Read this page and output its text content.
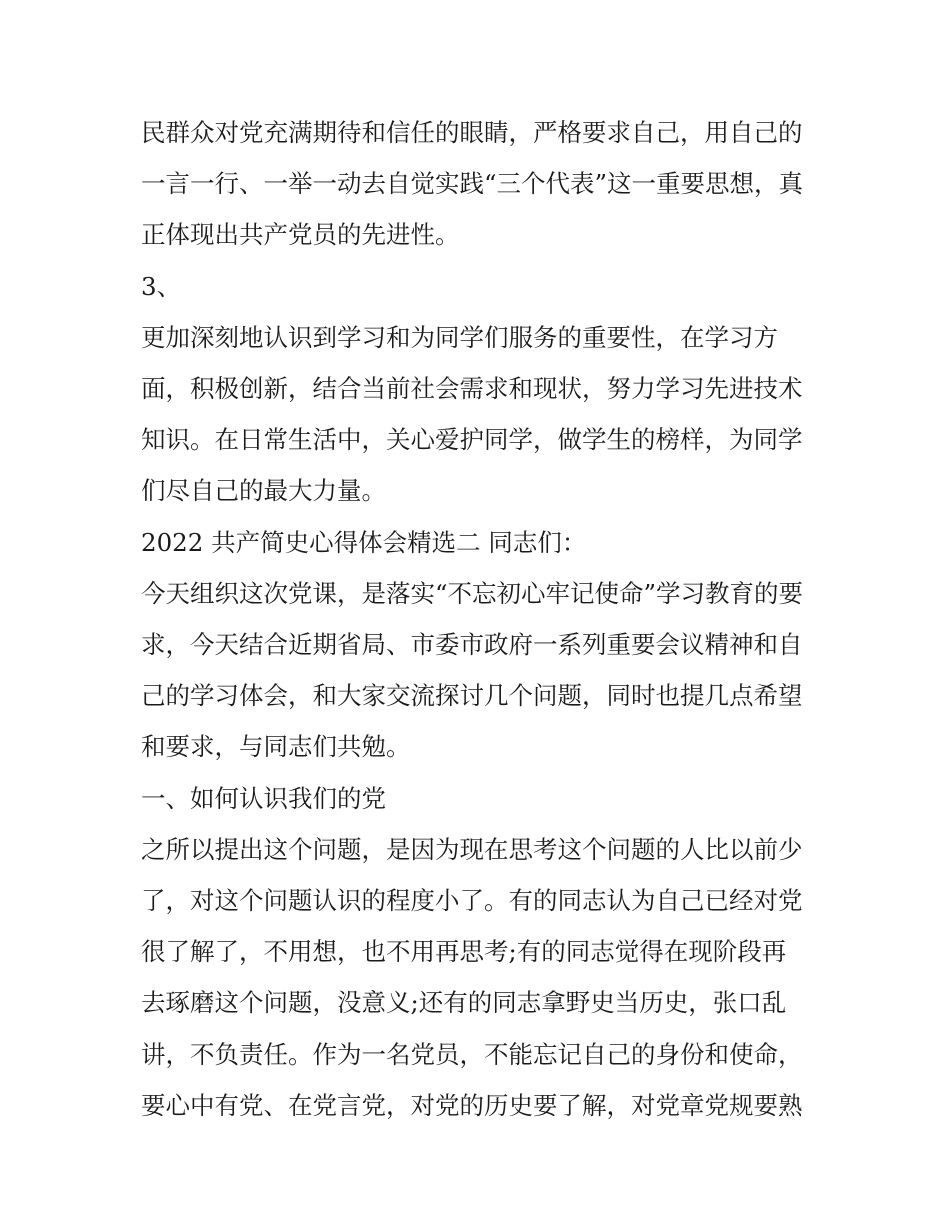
民群众对党充满期待和信任的眼睛，严格要求自己，用自己的

一言一行、一举一动去自觉实践“三个代表”这一重要思想，真

正体现出共产党员的先进性。

3、

更加深刻地认识到学习和为同学们服务的重要性，在学习方

面，积极创新，结合当前社会需求和现状，努力学习先进技术

知识。在日常生活中，关心爱护同学，做学生的榜样，为同学

们尽自己的最大力量。

2022 共产简史心得体会精选二 同志们：

今天组织这次党课，是落实“不忘初心牢记使命”学习教育的要

求，今天结合近期省局、市委市政府一系列重要会议精神和自

己的学习体会，和大家交流探讨几个问题，同时也提几点希望

和要求，与同志们共勉。

一、如何认识我们的党

之所以提出这个问题，是因为现在思考这个问题的人比以前少

了，对这个问题认识的程度小了。有的同志认为自己已经对党

很了解了，不用想，也不用再思考;有的同志觉得在现阶段再

去琢磨这个问题，没意义;还有的同志拿野史当历史，张口乱

讲，不负责任。作为一名党员，不能忘记自己的身份和使命，

要心中有党、在党言党，对党的历史要了解，对党章党规要熟
